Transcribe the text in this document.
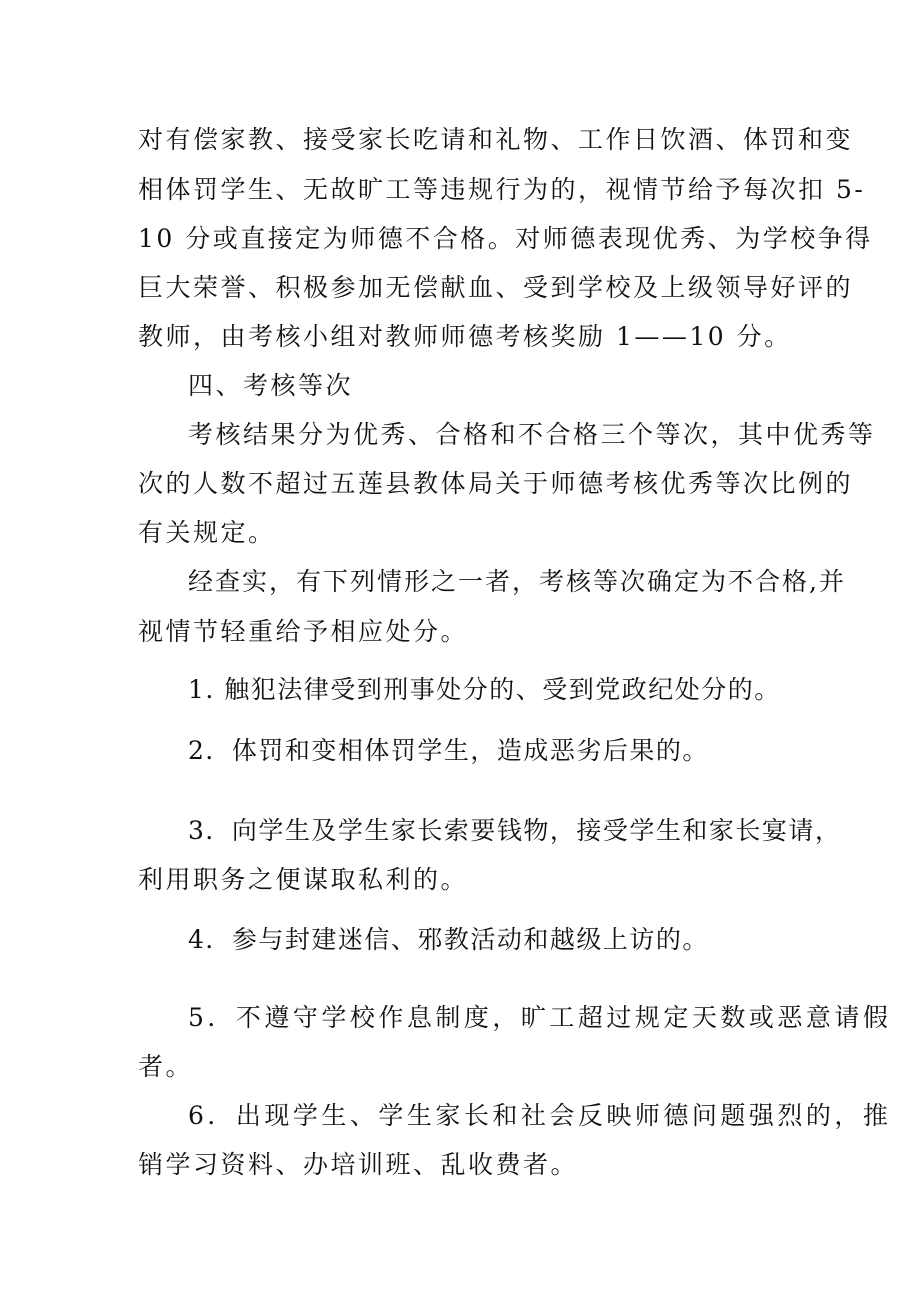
对有偿家教、接受家长吃请和礼物、工作日饮酒、体罚和变
相体罚学生、无故旷工等违规行为的，视情节给予每次扣 5-
10 分或直接定为师德不合格。对师德表现优秀、为学校争得
巨大荣誉、积极参加无偿献血、受到学校及上级领导好评的
教师，由考核小组对教师师德考核奖励 1——10 分。
四、考核等次
考核结果分为优秀、合格和不合格三个等次，其中优秀等
次的人数不超过五莲县教体局关于师德考核优秀等次比例的
有关规定。
经查实，有下列情形之一者，考核等次确定为不合格,并
视情节轻重给予相应处分。
1. 触犯法律受到刑事处分的、受到党政纪处分的。
2．体罚和变相体罚学生，造成恶劣后果的。
3．向学生及学生家长索要钱物，接受学生和家长宴请，
利用职务之便谋取私利的。
4．参与封建迷信、邪教活动和越级上访的。
5．不遵守学校作息制度，旷工超过规定天数或恶意请假
者。
6．出现学生、学生家长和社会反映师德问题强烈的，推
销学习资料、办培训班、乱收费者。
